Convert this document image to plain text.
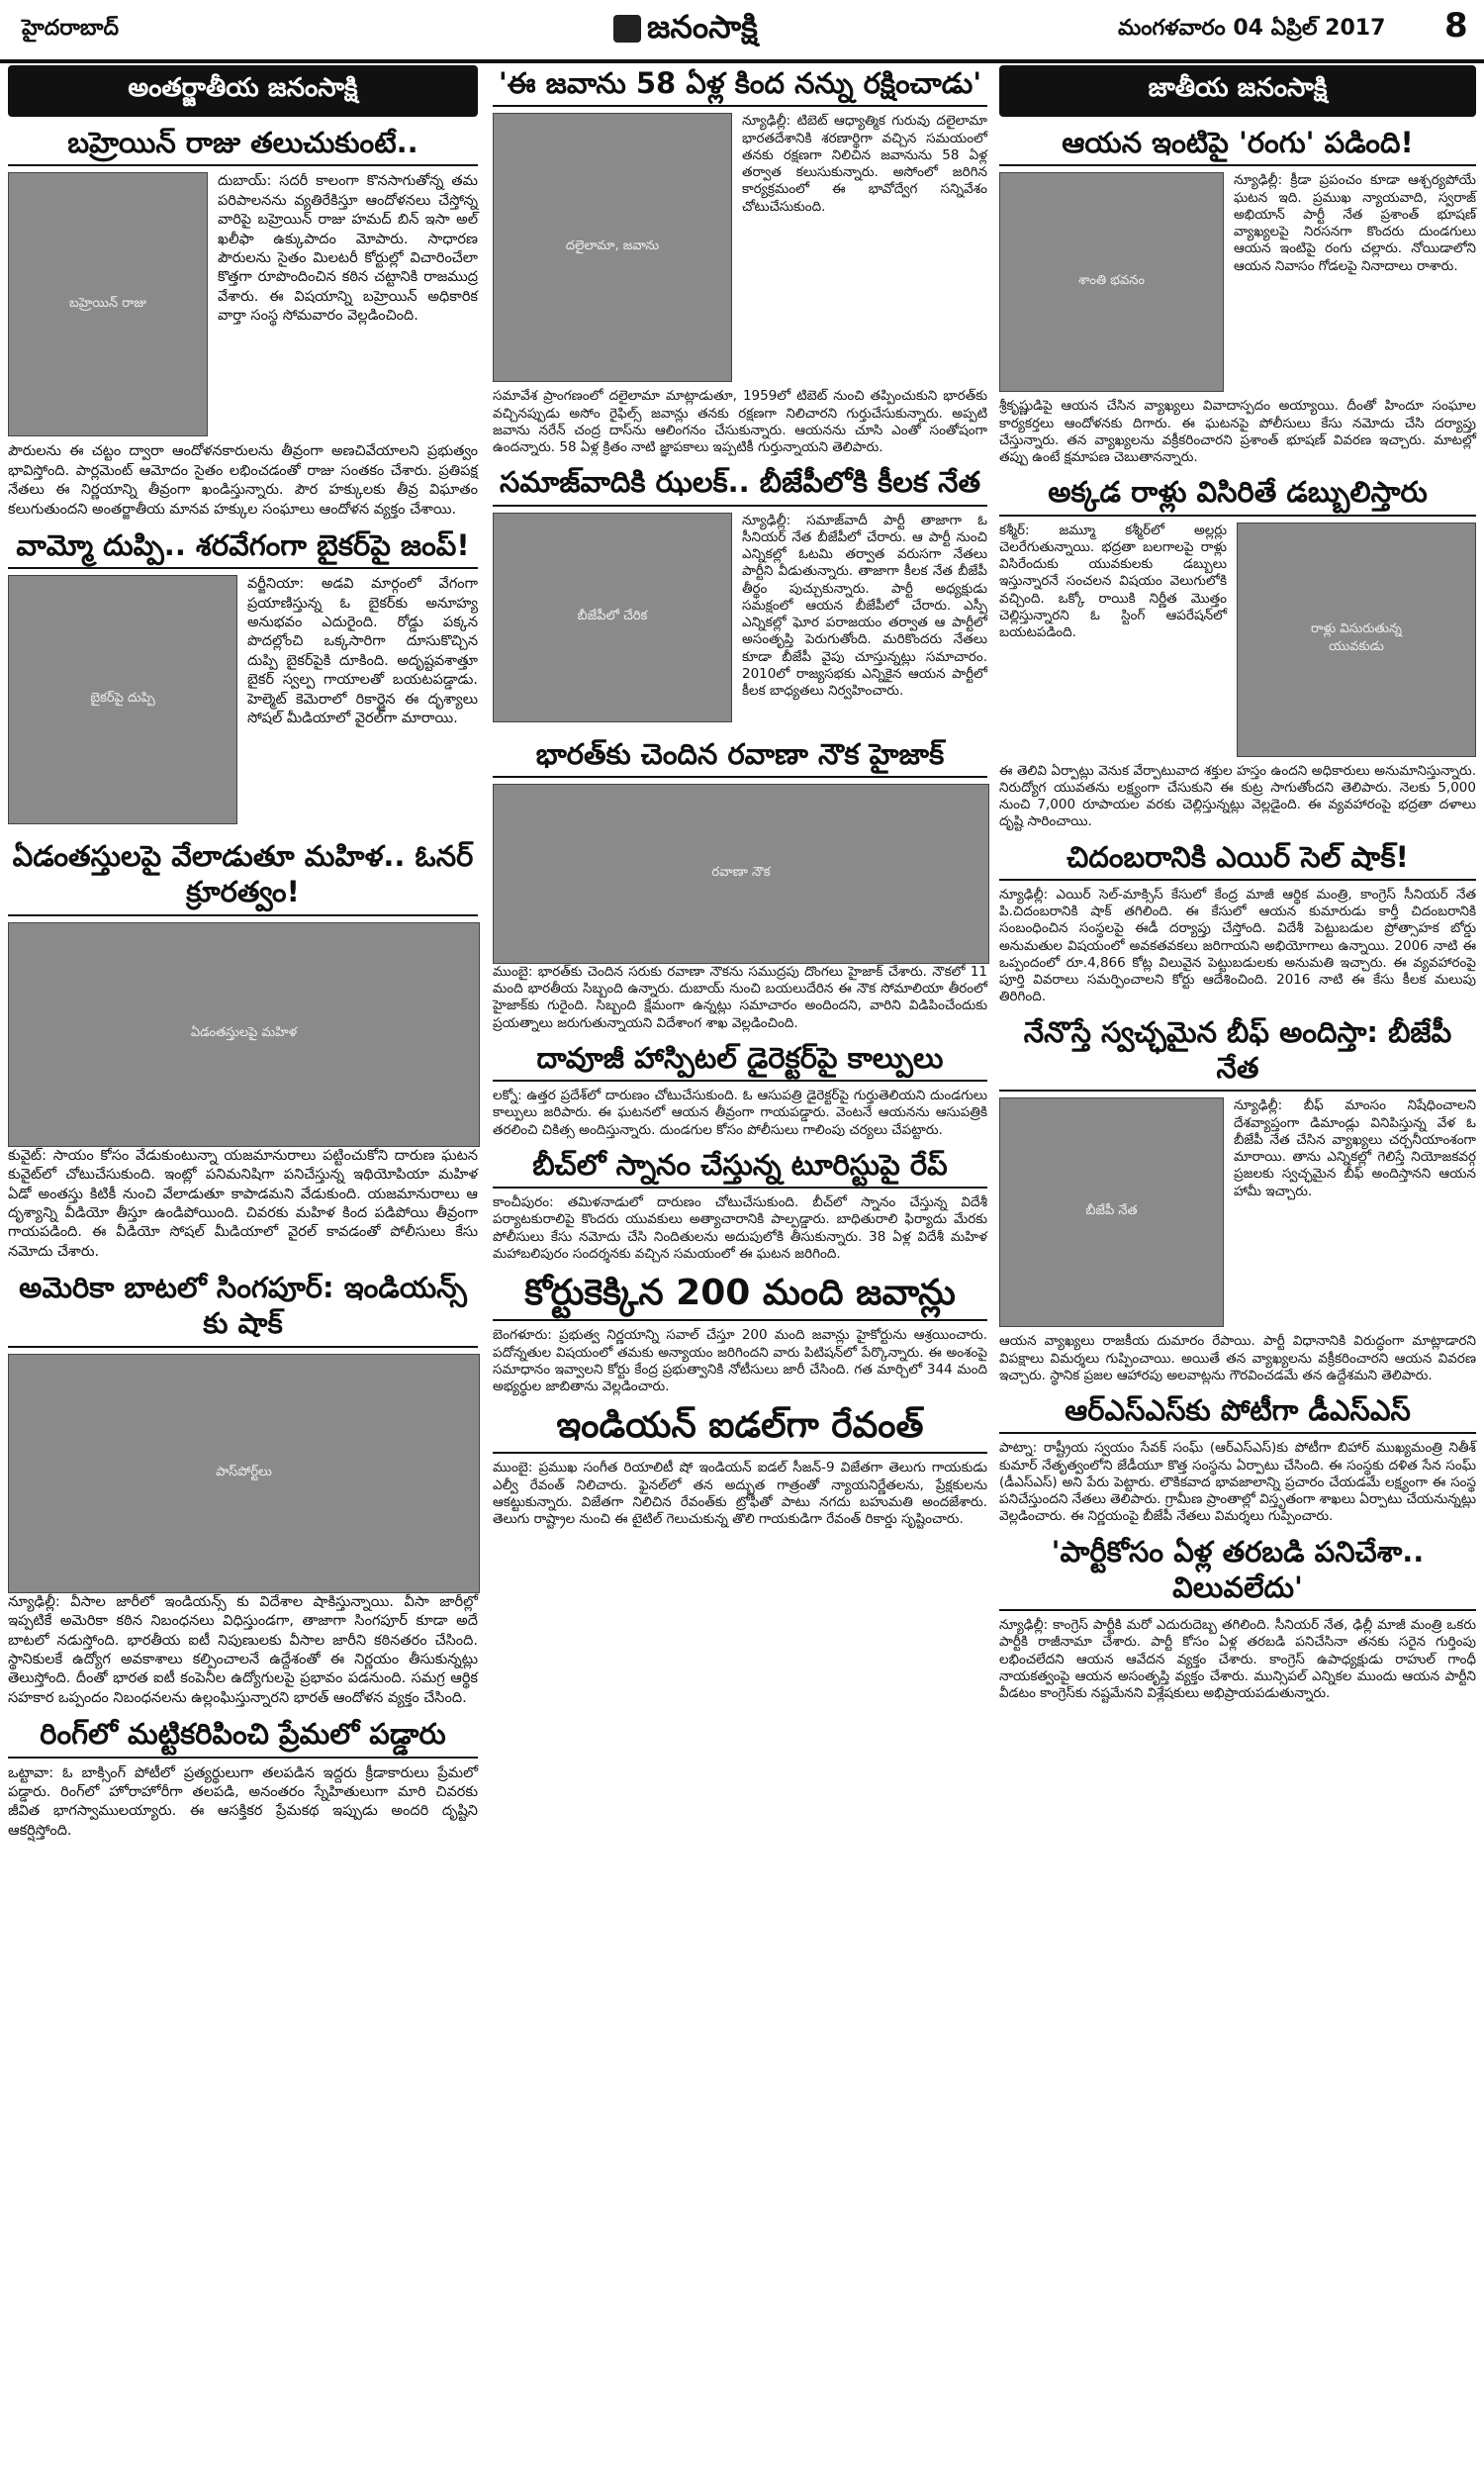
హైదరాబాద్	జనంసాక్షి	మంగళవారం 04 ఏప్రిల్ 2017 8
అంతర్జాతీయ జనంసాక్షి
బహ్రెయిన్ రాజు తలుచుకుంటే..
బహ్రెయిన్ రాజు

దుబాయ్: సదరీ కాలంగా కొనసాగుతోన్న తమ పరిపాలనను వ్యతిరేకిస్తూ ఆందోళనలు చేస్తోన్న వారిపై బహ్రెయిన్ రాజు హమద్ బిన్ ఇసా అల్ ఖలీఫా ఉక్కుపాదం మోపారు. సాధారణ పౌరులను సైతం మిలటరీ కోర్టుల్లో విచారించేలా కొత్తగా రూపొందించిన కఠిన చట్టానికి రాజముద్ర వేశారు. ఈ విషయాన్ని బహ్రెయిన్ అధికారిక వార్తా సంస్థ సోమవారం వెల్లడించింది.

పౌరులను ఈ చట్టం ద్వారా ఆందోళనకారులను తీవ్రంగా అణచివేయాలని ప్రభుత్వం భావిస్తోంది. పార్లమెంట్ ఆమోదం సైతం లభించడంతో రాజు సంతకం చేశారు. ప్రతిపక్ష నేతలు ఈ నిర్ణయాన్ని తీవ్రంగా ఖండిస్తున్నారు. పౌర హక్కులకు తీవ్ర విఘాతం కలుగుతుందని అంతర్జాతీయ మానవ హక్కుల సంఘాలు ఆందోళన వ్యక్తం చేశాయి.

వామ్మో దుప్పి.. శరవేగంగా బైకర్‌పై జంప్!
బైకర్‌పై దుప్పి

వర్జీనియా: అడవి మార్గంలో వేగంగా ప్రయాణిస్తున్న ఓ బైకర్‌కు అనూహ్య అనుభవం ఎదురైంది. రోడ్డు పక్కన పొదల్లోంచి ఒక్కసారిగా దూసుకొచ్చిన దుప్పి బైకర్‌పైకి దూకింది. అదృష్టవశాత్తూ బైకర్ స్వల్ప గాయాలతో బయటపడ్డాడు. హెల్మెట్ కెమెరాలో రికార్డైన ఈ దృశ్యాలు సోషల్ మీడియాలో వైరల్‌గా మారాయి.

ఏడంతస్తులపై వేలాడుతూ మహిళ.. ఓనర్ క్రూరత్వం!
ఏడంతస్తులపై మహిళ

కువైట్: సాయం కోసం వేడుకుంటున్నా యజమానురాలు పట్టించుకోని దారుణ ఘటన కువైట్‌లో చోటుచేసుకుంది. ఇంట్లో పనిమనిషిగా పనిచేస్తున్న ఇథియోపియా మహిళ ఏడో అంతస్తు కిటికీ నుంచి వేలాడుతూ కాపాడమని వేడుకుంది. యజమానురాలు ఆ దృశ్యాన్ని వీడియో తీస్తూ ఉండిపోయింది. చివరకు మహిళ కింద పడిపోయి తీవ్రంగా గాయపడింది. ఈ వీడియో సోషల్ మీడియాలో వైరల్ కావడంతో పోలీసులు కేసు నమోదు చేశారు.

అమెరికా బాటలో సింగపూర్: ఇండియన్స్ కు షాక్
పాస్‌పోర్ట్‌లు

న్యూఢిల్లీ: వీసాల జారీలో ఇండియన్స్ కు విదేశాల షాకిస్తున్నాయి. వీసా జారీల్లో ఇప్పటికే అమెరికా కఠిన నిబంధనలు విధిస్తుండగా, తాజాగా సింగపూర్ కూడా అదే బాటలో నడుస్తోంది. భారతీయ ఐటీ నిపుణులకు వీసాల జారీని కఠినతరం చేసింది. స్థానికులకే ఉద్యోగ అవకాశాలు కల్పించాలనే ఉద్దేశంతో ఈ నిర్ణయం తీసుకున్నట్లు తెలుస్తోంది. దీంతో భారత ఐటీ కంపెనీల ఉద్యోగులపై ప్రభావం పడనుంది. సమగ్ర ఆర్థిక సహకార ఒప్పందం నిబంధనలను ఉల్లంఘిస్తున్నారని భారత్ ఆందోళన వ్యక్తం చేసింది.

రింగ్‌లో మట్టికరిపించి ప్రేమలో పడ్డారు

ఒట్టావా: ఓ బాక్సింగ్ పోటీలో ప్రత్యర్థులుగా తలపడిన ఇద్దరు క్రీడాకారులు ప్రేమలో పడ్డారు. రింగ్‌లో హోరాహోరీగా తలపడి, అనంతరం స్నేహితులుగా మారి చివరకు జీవిత భాగస్వాములయ్యారు. ఈ ఆసక్తికర ప్రేమకథ ఇప్పుడు అందరి దృష్టిని ఆకర్షిస్తోంది.

'ఈ జవాను 58 ఏళ్ల కింద నన్ను రక్షించాడు'
దలైలామా, జవాను

న్యూఢిల్లీ: టిబెట్ ఆధ్యాత్మిక గురువు దలైలామా భారతదేశానికి శరణార్థిగా వచ్చిన సమయంలో తనకు రక్షణగా నిలిచిన జవానును 58 ఏళ్ల తర్వాత కలుసుకున్నారు. అసోంలో జరిగిన కార్యక్రమంలో ఈ భావోద్వేగ సన్నివేశం చోటుచేసుకుంది.

సమావేశ ప్రాంగణంలో దలైలామా మాట్లాడుతూ, 1959లో టిబెట్ నుంచి తప్పించుకుని భారత్‌కు వచ్చినప్పుడు అసోం రైఫిల్స్ జవాన్లు తనకు రక్షణగా నిలిచారని గుర్తుచేసుకున్నారు. అప్పటి జవాను నరేన్ చంద్ర దాస్‌ను ఆలింగనం చేసుకున్నారు. ఆయనను చూసి ఎంతో సంతోషంగా ఉందన్నారు. 58 ఏళ్ల క్రితం నాటి జ్ఞాపకాలు ఇప్పటికీ గుర్తున్నాయని తెలిపారు.

సమాజ్‌వాదికి ఝలక్.. బీజేపీలోకి కీలక నేత
బీజేపీలో చేరిక

న్యూఢిల్లీ: సమాజ్‌వాదీ పార్టీ తాజాగా ఓ సీనియర్ నేత బీజేపీలో చేరారు. ఆ పార్టీ నుంచి ఎన్నికల్లో ఓటమి తర్వాత వరుసగా నేతలు పార్టీని వీడుతున్నారు. తాజాగా కీలక నేత బీజేపీ తీర్థం పుచ్చుకున్నారు. పార్టీ అధ్యక్షుడు సమక్షంలో ఆయన బీజేపీలో చేరారు. ఎస్పీ ఎన్నికల్లో ఘోర పరాజయం తర్వాత ఆ పార్టీలో అసంతృప్తి పెరుగుతోంది. మరికొందరు నేతలు కూడా బీజేపీ వైపు చూస్తున్నట్లు సమాచారం. 2010లో రాజ్యసభకు ఎన్నికైన ఆయన పార్టీలో కీలక బాధ్యతలు నిర్వహించారు.

భారత్‌కు చెందిన రవాణా నౌక హైజాక్
రవాణా నౌక

ముంబై: భారత్‌కు చెందిన సరుకు రవాణా నౌకను సముద్రపు దొంగలు హైజాక్ చేశారు. నౌకలో 11 మంది భారతీయ సిబ్బంది ఉన్నారు. దుబాయ్ నుంచి బయలుదేరిన ఈ నౌక సోమాలియా తీరంలో హైజాక్‌కు గురైంది. సిబ్బంది క్షేమంగా ఉన్నట్లు సమాచారం అందిందని, వారిని విడిపించేందుకు ప్రయత్నాలు జరుగుతున్నాయని విదేశాంగ శాఖ వెల్లడించింది.

దావూజీ హాస్పిటల్ డైరెక్టర్‌పై కాల్పులు

లక్నో: ఉత్తర ప్రదేశ్‌లో దారుణం చోటుచేసుకుంది. ఓ ఆసుపత్రి డైరెక్టర్‌పై గుర్తుతెలియని దుండగులు కాల్పులు జరిపారు. ఈ ఘటనలో ఆయన తీవ్రంగా గాయపడ్డారు. వెంటనే ఆయనను ఆసుపత్రికి తరలించి చికిత్స అందిస్తున్నారు. దుండగుల కోసం పోలీసులు గాలింపు చర్యలు చేపట్టారు.

బీచ్‌లో స్నానం చేస్తున్న టూరిస్టుపై రేప్

కాంచీపురం: తమిళనాడులో దారుణం చోటుచేసుకుంది. బీచ్‌లో స్నానం చేస్తున్న విదేశీ పర్యాటకురాలిపై కొందరు యువకులు అత్యాచారానికి పాల్పడ్డారు. బాధితురాలి ఫిర్యాదు మేరకు పోలీసులు కేసు నమోదు చేసి నిందితులను అదుపులోకి తీసుకున్నారు. 38 ఏళ్ల విదేశీ మహిళ మహాబలిపురం సందర్శనకు వచ్చిన సమయంలో ఈ ఘటన జరిగింది.

కోర్టుకెక్కిన 200 మంది జవాన్లు

బెంగళూరు: ప్రభుత్వ నిర్ణయాన్ని సవాల్ చేస్తూ 200 మంది జవాన్లు హైకోర్టును ఆశ్రయించారు. పదోన్నతుల విషయంలో తమకు అన్యాయం జరిగిందని వారు పిటిషన్‌లో పేర్కొన్నారు. ఈ అంశంపై సమాధానం ఇవ్వాలని కోర్టు కేంద్ర ప్రభుత్వానికి నోటీసులు జారీ చేసింది. గత మార్చిలో 344 మంది అభ్యర్థుల జాబితాను వెల్లడించారు.

ఇండియన్ ఐడల్‌గా రేవంత్

ముంబై: ప్రముఖ సంగీత రియాలిటీ షో ఇండియన్ ఐడల్ సీజన్-9 విజేతగా తెలుగు గాయకుడు ఎల్వీ రేవంత్ నిలిచారు. ఫైనల్‌లో తన అద్భుత గాత్రంతో న్యాయనిర్ణేతలను, ప్రేక్షకులను ఆకట్టుకున్నారు. విజేతగా నిలిచిన రేవంత్‌కు ట్రోఫీతో పాటు నగదు బహుమతి అందజేశారు. తెలుగు రాష్ట్రాల నుంచి ఈ టైటిల్ గెలుచుకున్న తొలి గాయకుడిగా రేవంత్ రికార్డు సృష్టించారు.

జాతీయ జనంసాక్షి
ఆయన ఇంటిపై 'రంగు' పడింది!
శాంతి భవనం

న్యూఢిల్లీ: క్రీడా ప్రపంచం కూడా ఆశ్చర్యపోయే ఘటన ఇది. ప్రముఖ న్యాయవాది, స్వరాజ్ అభియాన్ పార్టీ నేత ప్రశాంత్ భూషణ్ వ్యాఖ్యలపై నిరసనగా కొందరు దుండగులు ఆయన ఇంటిపై రంగు చల్లారు. నోయిడాలోని ఆయన నివాసం గోడలపై నినాదాలు రాశారు.

శ్రీకృష్ణుడిపై ఆయన చేసిన వ్యాఖ్యలు వివాదాస్పదం అయ్యాయి. దీంతో హిందూ సంఘాల కార్యకర్తలు ఆందోళనకు దిగారు. ఈ ఘటనపై పోలీసులు కేసు నమోదు చేసి దర్యాప్తు చేస్తున్నారు. తన వ్యాఖ్యలను వక్రీకరించారని ప్రశాంత్ భూషణ్ వివరణ ఇచ్చారు. మాటల్లో తప్పు ఉంటే క్షమాపణ చెబుతానన్నారు.

అక్కడ రాళ్లు విసిరితే డబ్బులిస్తారు
రాళ్లు విసురుతున్న యువకుడు

కశ్మీర్: జమ్మూ కశ్మీర్‌లో అల్లర్లు చెలరేగుతున్నాయి. భద్రతా బలగాలపై రాళ్లు విసిరేందుకు యువకులకు డబ్బులు ఇస్తున్నారనే సంచలన విషయం వెలుగులోకి వచ్చింది. ఒక్కో రాయికి నిర్ణీత మొత్తం చెల్లిస్తున్నారని ఓ స్టింగ్ ఆపరేషన్‌లో బయటపడింది.

ఈ తెలివి ఏర్పాట్లు వెనుక వేర్పాటువాద శక్తుల హస్తం ఉందని అధికారులు అనుమానిస్తున్నారు. నిరుద్యోగ యువతను లక్ష్యంగా చేసుకుని ఈ కుట్ర సాగుతోందని తెలిపారు. నెలకు 5,000 నుంచి 7,000 రూపాయల వరకు చెల్లిస్తున్నట్లు వెల్లడైంది. ఈ వ్యవహారంపై భద్రతా దళాలు దృష్టి సారించాయి.

చిదంబరానికి ఎయిర్ సెల్ షాక్!

న్యూఢిల్లీ: ఎయిర్ సెల్-మాక్సిస్ కేసులో కేంద్ర మాజీ ఆర్థిక మంత్రి, కాంగ్రెస్ సీనియర్ నేత పి.చిదంబరానికి షాక్ తగిలింది. ఈ కేసులో ఆయన కుమారుడు కార్తీ చిదంబరానికి సంబంధించిన సంస్థలపై ఈడీ దర్యాప్తు చేస్తోంది. విదేశీ పెట్టుబడుల ప్రోత్సాహక బోర్డు అనుమతుల విషయంలో అవకతవకలు జరిగాయని అభియోగాలు ఉన్నాయి. 2006 నాటి ఈ ఒప్పందంలో రూ.4,866 కోట్ల విలువైన పెట్టుబడులకు అనుమతి ఇచ్చారు. ఈ వ్యవహారంపై పూర్తి వివరాలు సమర్పించాలని కోర్టు ఆదేశించింది. 2016 నాటి ఈ కేసు కీలక మలుపు తిరిగింది.

నేనొస్తే స్వచ్ఛమైన బీఫ్ అందిస్తా: బీజేపీ నేత
బీజేపీ నేత

న్యూఢిల్లీ: బీఫ్ మాంసం నిషేధించాలని దేశవ్యాప్తంగా డిమాండ్లు వినిపిస్తున్న వేళ ఓ బీజేపీ నేత చేసిన వ్యాఖ్యలు చర్చనీయాంశంగా మారాయి. తాను ఎన్నికల్లో గెలిస్తే నియోజకవర్గ ప్రజలకు స్వచ్ఛమైన బీఫ్ అందిస్తానని ఆయన హామీ ఇచ్చారు.

ఆయన వ్యాఖ్యలు రాజకీయ దుమారం రేపాయి. పార్టీ విధానానికి విరుద్ధంగా మాట్లాడారని విపక్షాలు విమర్శలు గుప్పించాయి. అయితే తన వ్యాఖ్యలను వక్రీకరించారని ఆయన వివరణ ఇచ్చారు. స్థానిక ప్రజల ఆహారపు అలవాట్లను గౌరవించడమే తన ఉద్దేశమని తెలిపారు.

ఆర్‌ఎస్‌ఎస్‌కు పోటీగా డీఎస్ఎస్

పాట్నా: రాష్ట్రీయ స్వయం సేవక్ సంఘ్ (ఆర్‌ఎస్‌ఎస్)కు పోటీగా బిహార్ ముఖ్యమంత్రి నితీశ్ కుమార్ నేతృత్వంలోని జేడీయూ కొత్త సంస్థను ఏర్పాటు చేసింది. ఈ సంస్థకు దళిత సేన సంఘ్ (డీఎస్ఎస్) అని పేరు పెట్టారు. లౌకికవాద భావజాలాన్ని ప్రచారం చేయడమే లక్ష్యంగా ఈ సంస్థ పనిచేస్తుందని నేతలు తెలిపారు. గ్రామీణ ప్రాంతాల్లో విస్తృతంగా శాఖలు ఏర్పాటు చేయనున్నట్లు వెల్లడించారు. ఈ నిర్ణయంపై బీజేపీ నేతలు విమర్శలు గుప్పించారు.

'పార్టీకోసం ఏళ్ల తరబడి పనిచేశా.. విలువలేదు'

న్యూఢిల్లీ: కాంగ్రెస్ పార్టీకి మరో ఎదురుదెబ్బ తగిలింది. సీనియర్ నేత, ఢిల్లీ మాజీ మంత్రి ఒకరు పార్టీకి రాజీనామా చేశారు. పార్టీ కోసం ఏళ్ల తరబడి పనిచేసినా తనకు సరైన గుర్తింపు లభించలేదని ఆయన ఆవేదన వ్యక్తం చేశారు. కాంగ్రెస్ ఉపాధ్యక్షుడు రాహుల్ గాంధీ నాయకత్వంపై ఆయన అసంతృప్తి వ్యక్తం చేశారు. మున్సిపల్ ఎన్నికల ముందు ఆయన పార్టీని వీడటం కాంగ్రెస్‌కు నష్టమేనని విశ్లేషకులు అభిప్రాయపడుతున్నారు.
